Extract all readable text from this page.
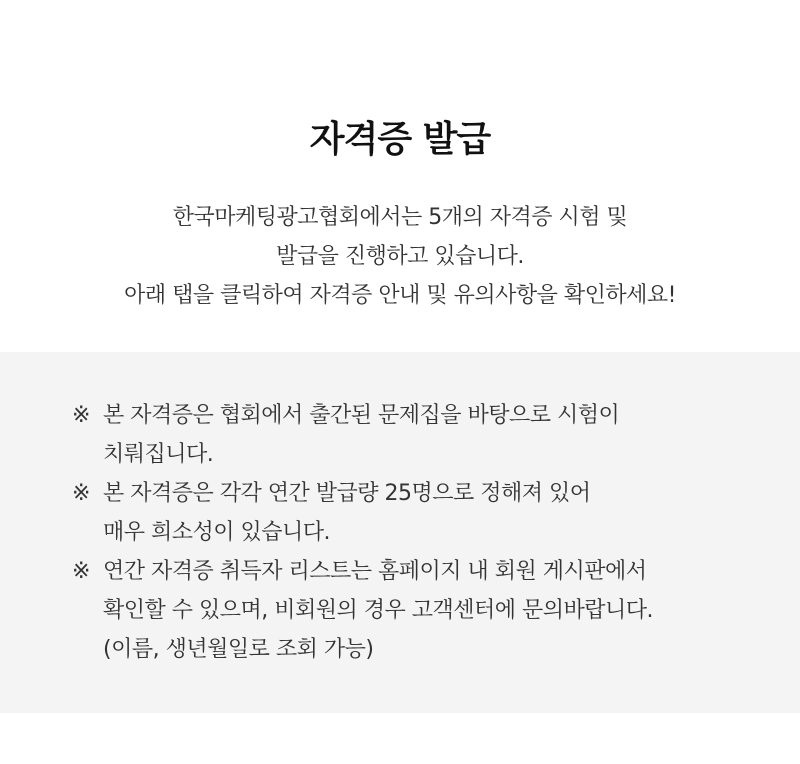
자격증 발급
한국마케팅광고협회에서는 5개의 자격증 시험 및
발급을 진행하고 있습니다.
아래 탭을 클릭하여 자격증 안내 및 유의사항을 확인하세요!
※ 본 자격증은 협회에서 출간된 문제집을 바탕으로 시험이
치뤄집니다.
※ 본 자격증은 각각 연간 발급량 25명으로 정해져 있어
매우 희소성이 있습니다.
※ 연간 자격증 취득자 리스트는 홈페이지 내 회원 게시판에서
확인할 수 있으며, 비회원의 경우 고객센터에 문의바랍니다.
(이름, 생년월일로 조회 가능)
